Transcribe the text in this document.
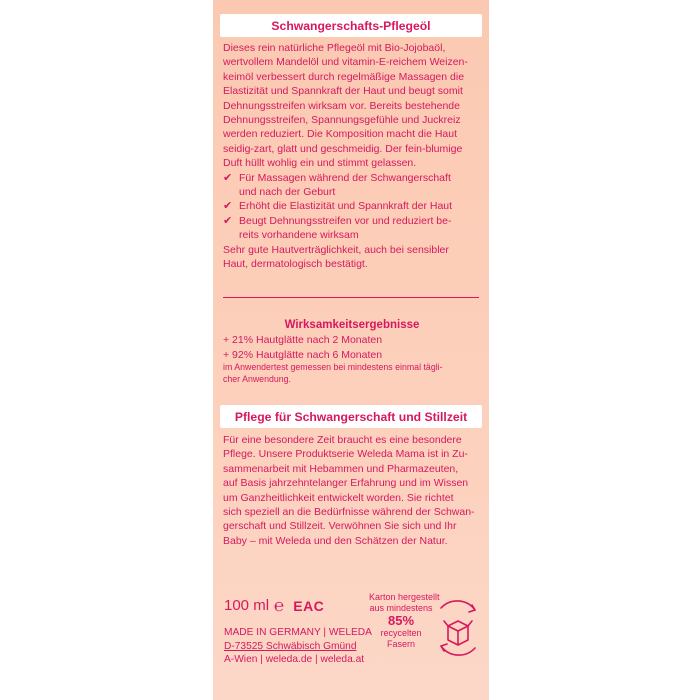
Schwangerschafts-Pflegeöl
Dieses rein natürliche Pflegeöl mit Bio-Jojobaöl,
wertvollem Mandelöl und vitamin-E-reichem Weizen-
keimöl verbessert durch regelmäßige Massagen die
Elastizität und Spannkraft der Haut und beugt somit
Dehnungsstreifen wirksam vor. Bereits bestehende
Dehnungsstreifen, Spannungsgefühle und Juckreiz
werden reduziert. Die Komposition macht die Haut
seidig-zart, glatt und geschmeidig. Der fein-blumige
Duft hüllt wohlig ein und stimmt gelassen.
✔ Für Massagen während der Schwangerschaft
und nach der Geburt
✔ Erhöht die Elastizität und Spannkraft der Haut
✔ Beugt Dehnungsstreifen vor und reduziert be-
reits vorhandene wirksam
Sehr gute Hautverträglichkeit, auch bei sensibler
Haut, dermatologisch bestätigt.
Wirksamkeitsergebnisse
+ 21% Hautglätte nach 2 Monaten
+ 92% Hautglätte nach 6 Monaten
im Anwendertest gemessen bei mindestens einmal tägli-
cher Anwendung.
Pflege für Schwangerschaft und Stillzeit
Für eine besondere Zeit braucht es eine besondere
Pflege. Unsere Produktserie Weleda Mama ist in Zu-
sammenarbeit mit Hebammen und Pharmazeuten,
auf Basis jahrzehntelanger Erfahrung und im Wissen
um Ganzheitlichkeit entwickelt worden. Sie richtet
sich speziell an die Bedürfnisse während der Schwan-
gerschaft und Stillzeit. Verwöhnen Sie sich und Ihr
Baby – mit Weleda und den Schätzen der Natur.
100 ml ℮ EAC
MADE IN GERMANY | WELEDA
D-73525 Schwäbisch Gmünd
A-Wien | weleda.de | weleda.at
Karton hergestellt
aus mindestens
85%
recycelten
Fasern
